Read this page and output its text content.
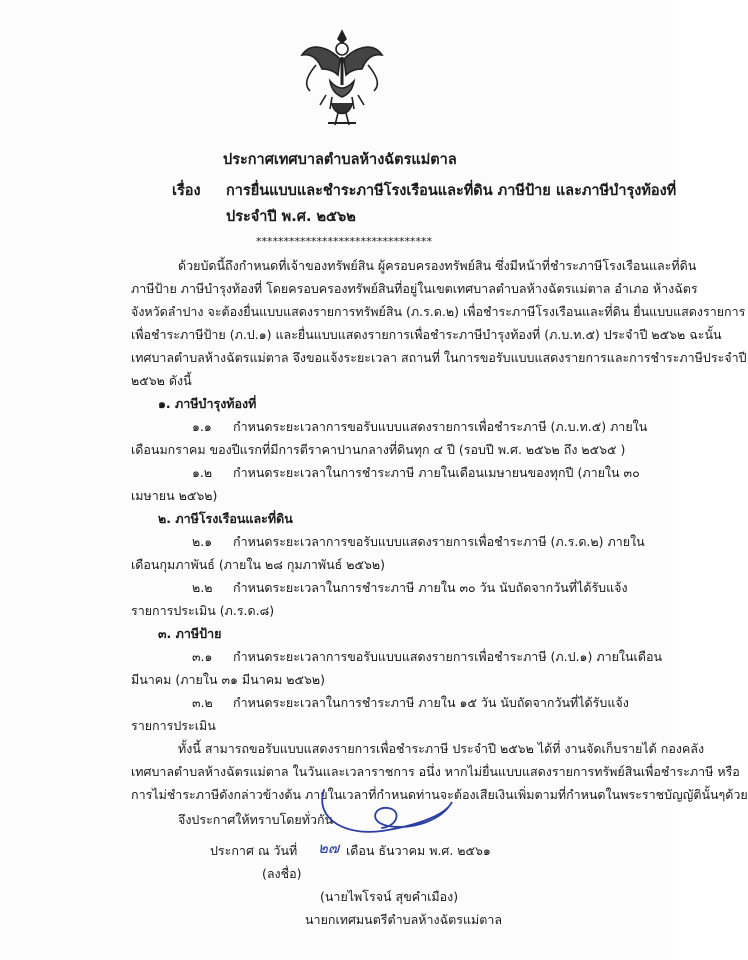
ประกาศเทศบาลตำบลห้างฉัตรแม่ตาล
เรื่อง การยื่นแบบและชำระภาษีโรงเรือนและที่ดิน ภาษีป้าย และภาษีบำรุงท้องที่
ประจำปี พ.ศ. ๒๕๖๒
********************************
ด้วยบัดนี้ถึงกำหนดที่เจ้าของทรัพย์สิน ผู้ครอบครองทรัพย์สิน ซึ่งมีหน้าที่ชำระภาษีโรงเรือนและที่ดิน
ภาษีป้าย ภาษีบำรุงท้องที่ โดยครอบครองทรัพย์สินที่อยู่ในเขตเทศบาลตำบลห้างฉัตรแม่ตาล อำเภอ ห้างฉัตร
จังหวัดลำปาง จะต้องยื่นแบบแสดงรายการทรัพย์สิน (ภ.ร.ด.๒) เพื่อชำระภาษีโรงเรือนและที่ดิน ยื่นแบบแสดงรายการ
เพื่อชำระภาษีป้าย (ภ.ป.๑) และยื่นแบบแสดงรายการเพื่อชำระภาษีบำรุงท้องที่ (ภ.บ.ท.๕) ประจำปี ๒๕๖๒ ฉะนั้น
เทศบาลตำบลห้างฉัตรแม่ตาล จึงขอแจ้งระยะเวลา สถานที่ ในการขอรับแบบแสดงรายการและการชำระภาษีประจำปี
๒๕๖๒ ดังนี้
๑. ภาษีบำรุงท้องที่
๑.๑ กำหนดระยะเวลาการขอรับแบบแสดงรายการเพื่อชำระภาษี (ภ.บ.ท.๕) ภายใน
เดือนมกราคม ของปีแรกที่มีการตีราคาปานกลางที่ดินทุก ๔ ปี (รอบปี พ.ศ. ๒๕๖๒ ถึง ๒๕๖๕ )
๑.๒ กำหนดระยะเวลาในการชำระภาษี ภายในเดือนเมษายนของทุกปี (ภายใน ๓๐
เมษายน ๒๕๖๒)
๒. ภาษีโรงเรือนและที่ดิน
๒.๑ กำหนดระยะเวลาการขอรับแบบแสดงรายการเพื่อชำระภาษี (ภ.ร.ด.๒) ภายใน
เดือนกุมภาพันธ์ (ภายใน ๒๘ กุมภาพันธ์ ๒๕๖๒)
๒.๒ กำหนดระยะเวลาในการชำระภาษี ภายใน ๓๐ วัน นับถัดจากวันที่ได้รับแจ้ง
รายการประเมิน (ภ.ร.ด.๘)
๓. ภาษีป้าย
๓.๑ กำหนดระยะเวลาการขอรับแบบแสดงรายการเพื่อชำระภาษี (ภ.ป.๑) ภายในเดือน
มีนาคม (ภายใน ๓๑ มีนาคม ๒๕๖๒)
๓.๒ กำหนดระยะเวลาในการชำระภาษี ภายใน ๑๕ วัน นับถัดจากวันที่ได้รับแจ้ง
รายการประเมิน
ทั้งนี้ สามารถขอรับแบบแสดงรายการเพื่อชำระภาษี ประจำปี ๒๕๖๒ ได้ที่ งานจัดเก็บรายได้ กองคลัง
เทศบาลตำบลห้างฉัตรแม่ตาล ในวันและเวลาราชการ อนึ่ง หากไม่ยื่นแบบแสดงรายการทรัพย์สินเพื่อชำระภาษี หรือ
การไม่ชำระภาษีดังกล่าวข้างต้น ภายในเวลาที่กำหนดท่านจะต้องเสียเงินเพิ่มตามที่กำหนดในพระราชบัญญัตินั้นๆด้วย
จึงประกาศให้ทราบโดยทั่วกัน
ประกาศ ณ วันที่ ๒๗ เดือน ธันวาคม พ.ศ. ๒๕๖๑
(ลงชื่อ)
(นายไพโรจน์ สุขคำเมือง)
นายกเทศมนตรีตำบลห้างฉัตรแม่ตาล
